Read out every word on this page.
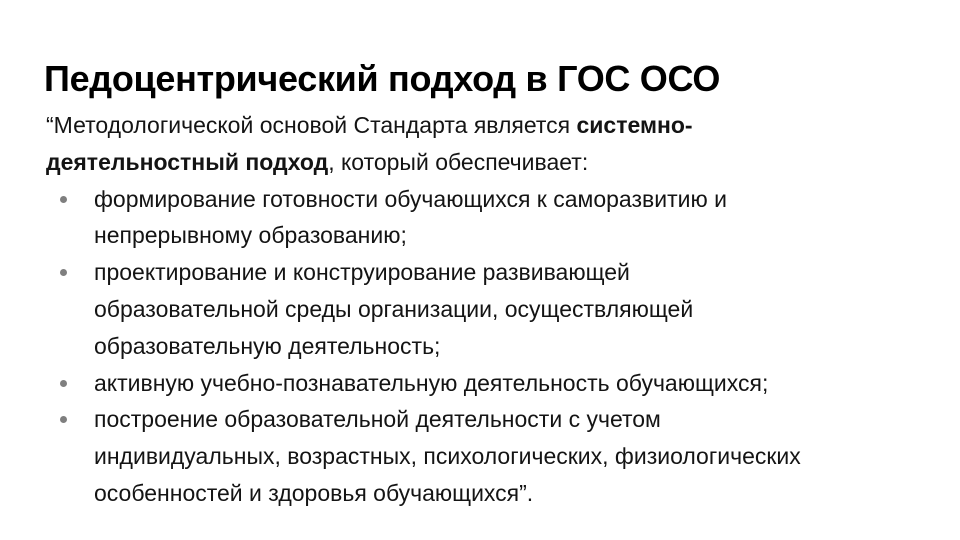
Педоцентрический подход в ГОС ОСО

“Методологической основой Стандарта является системно-
деятельностный подход, который обеспечивает:

формирование готовности обучающихся к саморазвитию и
непрерывному образованию;
проектирование и конструирование развивающей
образовательной среды организации, осуществляющей
образовательную деятельность;
активную учебно-познавательную деятельность обучающихся;
построение образовательной деятельности с учетом
индивидуальных, возрастных, психологических, физиологических
особенностей и здоровья обучающихся”.
